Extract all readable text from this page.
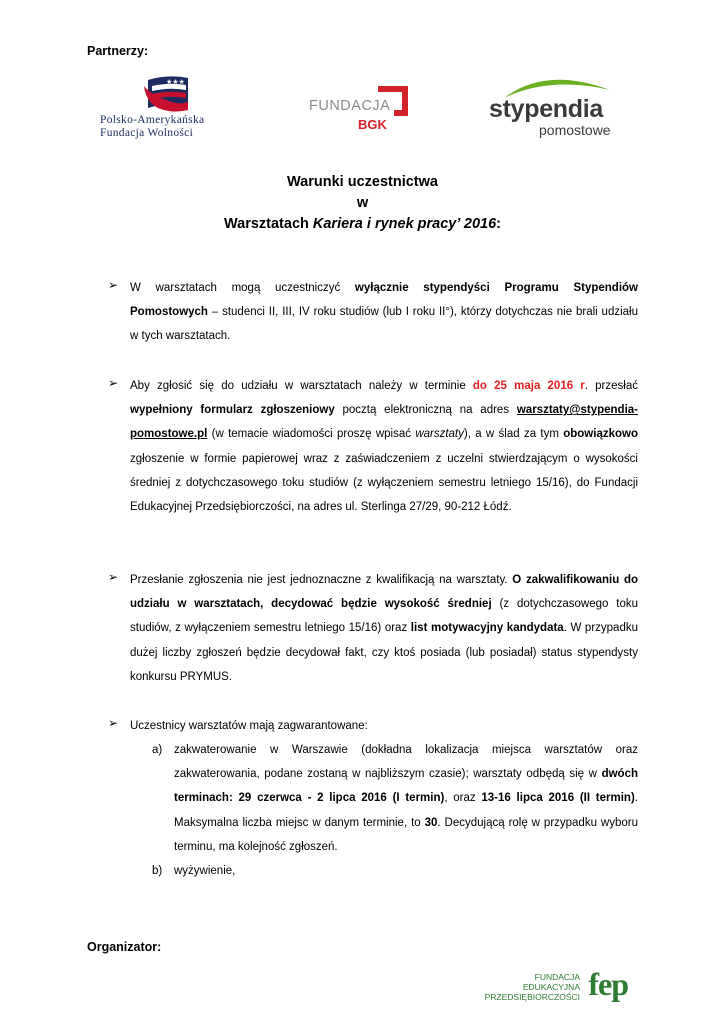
Partnerzy:
★★★
Polsko-Amerykańska
Fundacja Wolności
FUNDACJA
BGK
stypendia
pomostowe
Warunki uczestnictwa
w
Warsztatach Kariera i rynek pracy’ 2016:
➢ W warsztatach mogą uczestniczyć wyłącznie stypendyści Programu Stypendiów Pomostowych – studenci II, III, IV roku studiów (lub I roku II°), którzy dotychczas nie brali udziału w tych warsztatach.
➢ Aby zgłosić się do udziału w warsztatach należy w terminie do 25 maja 2016 r. przesłać wypełniony formularz zgłoszeniowy pocztą elektroniczną na adres warsztaty@stypendia-pomostowe.pl (w temacie wiadomości proszę wpisać warsztaty), a w ślad za tym obowiązkowo zgłoszenie w formie papierowej wraz z zaświadczeniem z uczelni stwierdzającym o wysokości średniej z dotychczasowego toku studiów (z wyłączeniem semestru letniego 15/16), do Fundacji Edukacyjnej Przedsiębiorczości, na adres ul. Sterlinga 27/29, 90-212 Łódź.
➢ Przesłanie zgłoszenia nie jest jednoznaczne z kwalifikacją na warsztaty. O zakwalifikowaniu do udziału w warsztatach, decydować będzie wysokość średniej (z dotychczasowego toku studiów, z wyłączeniem semestru letniego 15/16) oraz list motywacyjny kandydata. W przypadku dużej liczby zgłoszeń będzie decydował fakt, czy ktoś posiada (lub posiadał) status stypendysty konkursu PRYMUS.
➢ Uczestnicy warsztatów mają zagwarantowane:
a) zakwaterowanie w Warszawie (dokładna lokalizacja miejsca warsztatów oraz zakwaterowania, podane zostaną w najbliższym czasie); warsztaty odbędą się w dwóch terminach: 29 czerwca - 2 lipca 2016 (I termin), oraz 13-16 lipca 2016 (II termin). Maksymalna liczba miejsc w danym terminie, to 30. Decydującą rolę w przypadku wyboru terminu, ma kolejność zgłoszeń.
b) wyżywienie,
Organizator:
FUNDACJA
EDUKACYJNA
PRZEDSIĘBIORCZOŚCI fep
